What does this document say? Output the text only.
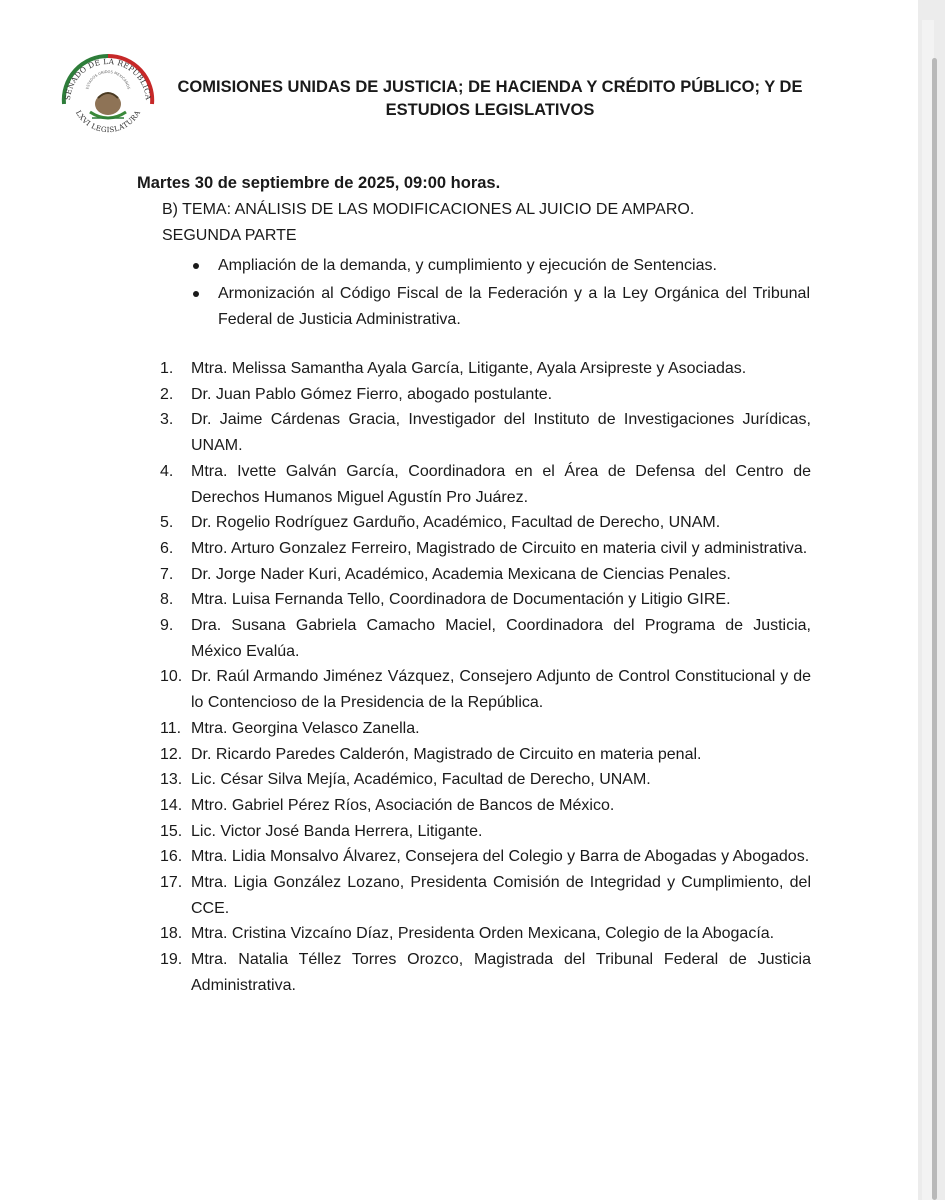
SENADO DE LA REPÚBLICA
ESTADOS UNIDOS MEXICANOS
LXVI LEGISLATURA
COMISIONES UNIDAS DE JUSTICIA; DE HACIENDA Y CRÉDITO PÚBLICO; Y DE
ESTUDIOS LEGISLATIVOS
Martes 30 de septiembre de 2025, 09:00 horas.
B) TEMA: ANÁLISIS DE LAS MODIFICACIONES AL JUICIO DE AMPARO.
SEGUNDA PARTE
Ampliación de la demanda, y cumplimiento y ejecución de Sentencias.
Armonización al Código Fiscal de la Federación y a la Ley Orgánica del Tribunal Federal de Justicia Administrativa.
1. Mtra. Melissa Samantha Ayala García, Litigante, Ayala Arsipreste y Asociadas.
2. Dr. Juan Pablo Gómez Fierro, abogado postulante.
3. Dr. Jaime Cárdenas Gracia, Investigador del Instituto de Investigaciones Jurídicas, UNAM.
4. Mtra. Ivette Galván García, Coordinadora en el Área de Defensa del Centro de Derechos Humanos Miguel Agustín Pro Juárez.
5. Dr. Rogelio Rodríguez Garduño, Académico, Facultad de Derecho, UNAM.
6. Mtro. Arturo Gonzalez Ferreiro, Magistrado de Circuito en materia civil y administrativa.
7. Dr. Jorge Nader Kuri, Académico, Academia Mexicana de Ciencias Penales.
8. Mtra. Luisa Fernanda Tello, Coordinadora de Documentación y Litigio GIRE.
9. Dra. Susana Gabriela Camacho Maciel, Coordinadora del Programa de Justicia, México Evalúa.
10. Dr. Raúl Armando Jiménez Vázquez, Consejero Adjunto de Control Constitucional y de lo Contencioso de la Presidencia de la República.
11. Mtra. Georgina Velasco Zanella.
12. Dr. Ricardo Paredes Calderón, Magistrado de Circuito en materia penal.
13. Lic. César Silva Mejía, Académico, Facultad de Derecho, UNAM.
14. Mtro. Gabriel Pérez Ríos, Asociación de Bancos de México.
15. Lic. Victor José Banda Herrera, Litigante.
16. Mtra. Lidia Monsalvo Álvarez, Consejera del Colegio y Barra de Abogadas y Abogados.
17. Mtra. Ligia González Lozano, Presidenta Comisión de Integridad y Cumplimiento, del CCE.
18. Mtra. Cristina Vizcaíno Díaz, Presidenta Orden Mexicana, Colegio de la Abogacía.
19. Mtra. Natalia Téllez Torres Orozco, Magistrada del Tribunal Federal de Justicia Administrativa.
